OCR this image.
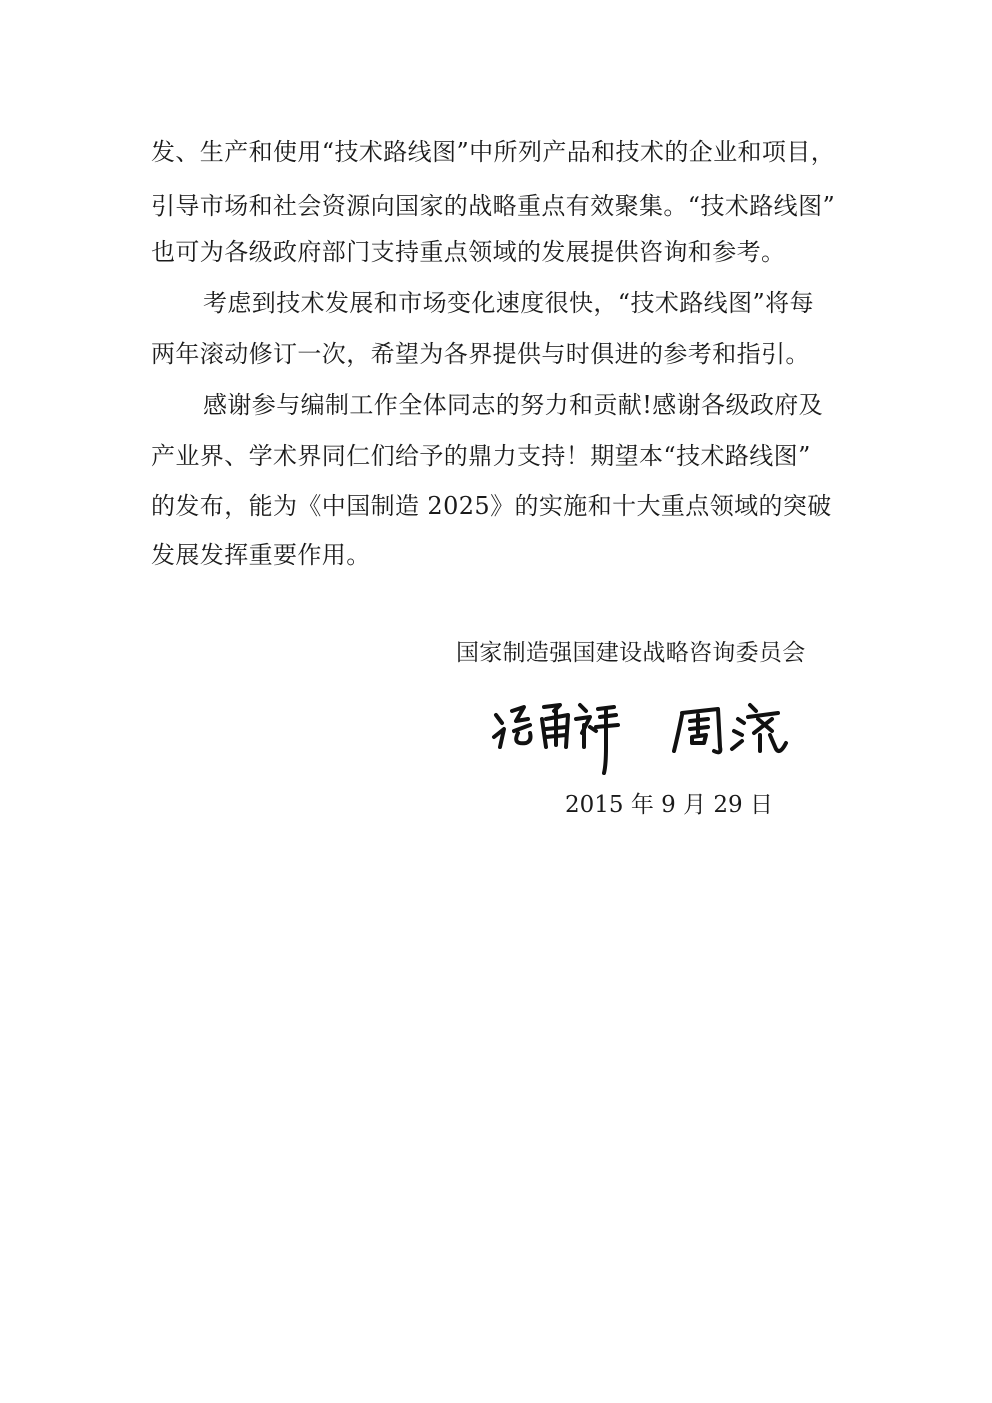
发、生产和使用“技术路线图”中所列产品和技术的企业和项目，
引导市场和社会资源向国家的战略重点有效聚集。“技术路线图”
也可为各级政府部门支持重点领域的发展提供咨询和参考。
考虑到技术发展和市场变化速度很快，“技术路线图”将每
两年滚动修订一次，希望为各界提供与时俱进的参考和指引。
感谢参与编制工作全体同志的努力和贡献!感谢各级政府及
产业界、学术界同仁们给予的鼎力支持！期望本“技术路线图”
的发布，能为《中国制造 2025》的实施和十大重点领域的突破
发展发挥重要作用。
国家制造强国建设战略咨询委员会
2015 年 9 月 29 日
